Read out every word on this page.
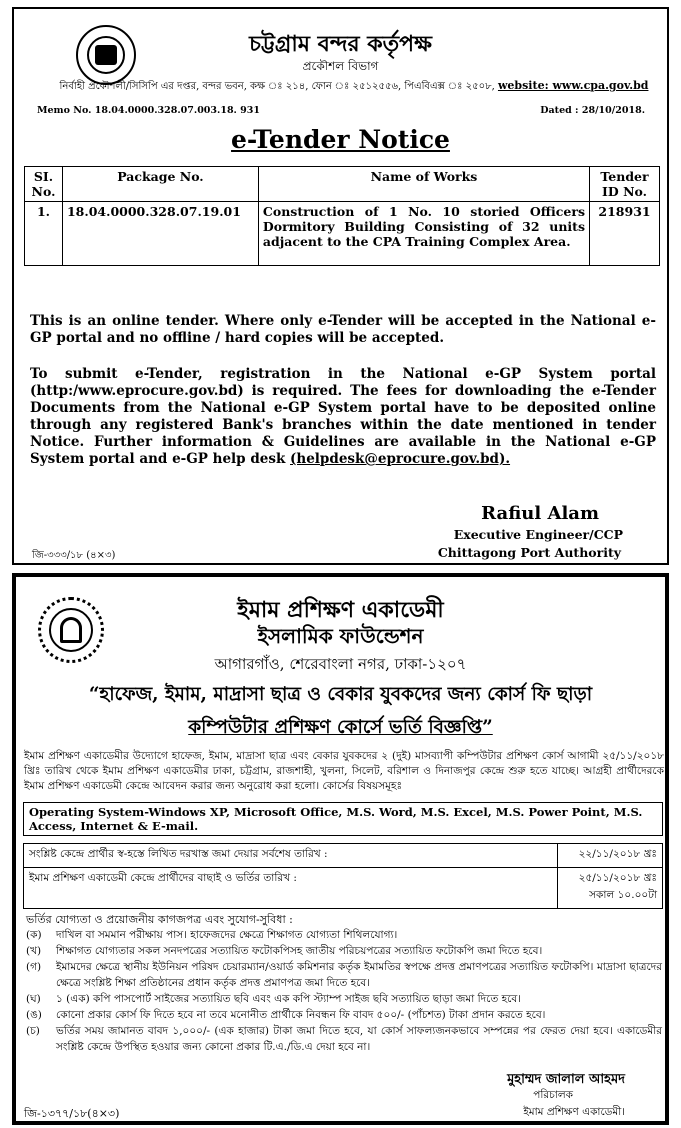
চট্টগ্রাম বন্দর কর্তৃপক্ষ
প্রকৌশল বিভাগ
নির্বাহী প্রকৌশলী/সিসিপি এর দপ্তর, বন্দর ভবন, কক্ষ ঃ ২১৪, ফোন ঃ ২৫১২৫৫৬, পিএবিএক্স ঃ ২৫০৮, website: www.cpa.gov.bd
Memo No. 18.04.0000.328.07.003.18. 931	Dated : 28/10/2018.
e-Tender Notice
SI. No.	Package No.	Name of Works	Tender ID No.
1.	18.04.0000.328.07.19.01	Construction of 1 No. 10 storied Officers Dormitory Building Consisting of 32 units adjacent to the CPA Training Complex Area.	218931

This is an online tender. Where only e-Tender will be accepted in the National e-GP portal and no offline / hard copies will be accepted.

To submit e-Tender, registration in the National e-GP System portal (http:/www.eprocure.gov.bd) is required. The fees for downloading the e-Tender Documents from the National e-GP System portal have to be deposited online through any registered Bank's branches within the date mentioned in tender Notice. Further information & Guidelines are available in the National e-GP System portal and e-GP help desk (helpdesk@eprocure.gov.bd).

Rafiul Alam
Executive Engineer/CCP
Chittagong Port Authority
জি-৩৩৩/১৮ (৪×৩)
ইমাম প্রশিক্ষণ একাডেমী
ইসলামিক ফাউন্ডেশন
আগারগাঁও, শেরেবাংলা নগর, ঢাকা-১২০৭
“হাফেজ, ইমাম, মাদ্রাসা ছাত্র ও বেকার যুবকদের জন্য কোর্স ফি ছাড়া
কম্পিউটার প্রশিক্ষণ কোর্সে ভর্তি বিজ্ঞপ্তি”

ইমাম প্রশিক্ষণ একাডেমীর উদ্যোগে হাফেজ, ইমাম, মাদ্রাসা ছাত্র এবং বেকার যুবকদের ২ (দুই) মাসব্যাপী কম্পিউটার প্রশিক্ষণ কোর্স আগামী ২৫/১১/২০১৮ খ্রিঃ তারিখ থেকে ইমাম প্রশিক্ষণ একাডেমীর ঢাকা, চট্টগ্রাম, রাজশাহী, খুলনা, সিলেট, বরিশাল ও দিনাজপুর কেন্দ্রে শুরু হতে যাচ্ছে। আগ্রহী প্রার্থীদেরকে ইমাম প্রশিক্ষণ একাডেমী কেন্দ্রে আবেদন করার জন্য অনুরোধ করা হলো। কোর্সের বিষয়সমূহঃ

Operating System-Windows XP, Microsoft Office, M.S. Word, M.S. Excel, M.S. Power Point, M.S. Access, Internet & E-mail.
সংশ্লিষ্ট কেন্দ্রে প্রার্থীর স্ব-হস্তে লিখিত দরখাস্ত জমা দেয়ার সর্বশেষ তারিখ :	২২/১১/২০১৮ খ্রঃ
ইমাম প্রশিক্ষণ একাডেমী কেন্দ্রে প্রার্থীদের বাছাই ও ভর্তির তারিখ :	২৫/১১/২০১৮ খ্রঃ
সকাল ১০.০০টা
ভর্তির যোগ্যতা ও প্রয়োজনীয় কাগজপত্র এবং সুযোগ-সুবিধা :
(ক)	দাখিল বা সমমান পরীক্ষায় পাস। হাফেজদের ক্ষেত্রে শিক্ষাগত যোগ্যতা শিথিলযোগ্য।
(খ)	শিক্ষাগত যোগ্যতার সকল সনদপত্রের সত্যায়িত ফটোকপিসহ জাতীয় পরিচয়পত্রের সত্যায়িত ফটোকপি জমা দিতে হবে।
(গ)	ইমামদের ক্ষেত্রে স্থানীয় ইউনিয়ন পরিষদ চেয়ারম্যান/ওয়ার্ড কমিশনার কর্তৃক ইমামতির স্বপক্ষে প্রদত্ত প্রমাণপত্রের সত্যায়িত ফটোকপি। মাদ্রাসা ছাত্রদের ক্ষেত্রে সংশ্লিষ্ট শিক্ষা প্রতিষ্ঠানের প্রধান কর্তৃক প্রদত্ত প্রমাণপত্র জমা দিতে হবে।
(ঘ)	১ (এক) কপি পাসপোর্ট সাইজের সত্যায়িত ছবি এবং এক কপি স্ট্যাম্প সাইজ ছবি সত্যায়িত ছাড়া জমা দিতে হবে।
(ঙ)	কোনো প্রকার কোর্স ফি দিতে হবে না তবে মনোনীত প্রার্থীকে নিবন্ধন ফি বাবদ ৫০০/- (পাঁচশত) টাকা প্রদান করতে হবে।
(চ)	ভর্তির সময় জামানত বাবদ ১,০০০/- (এক হাজার) টাকা জমা দিতে হবে, যা কোর্স সাফল্যজনকভাবে সম্পন্নের পর ফেরত দেয়া হবে। একাডেমীর সংশ্লিষ্ট কেন্দ্রে উপস্থিত হওয়ার জন্য কোনো প্রকার টি.এ./ডি.এ দেয়া হবে না।
মুহাম্মদ জালাল আহমদ
পরিচালক
ইমাম প্রশিক্ষণ একাডেমী।
জি-১৩৭৭/১৮(৪×৩)
